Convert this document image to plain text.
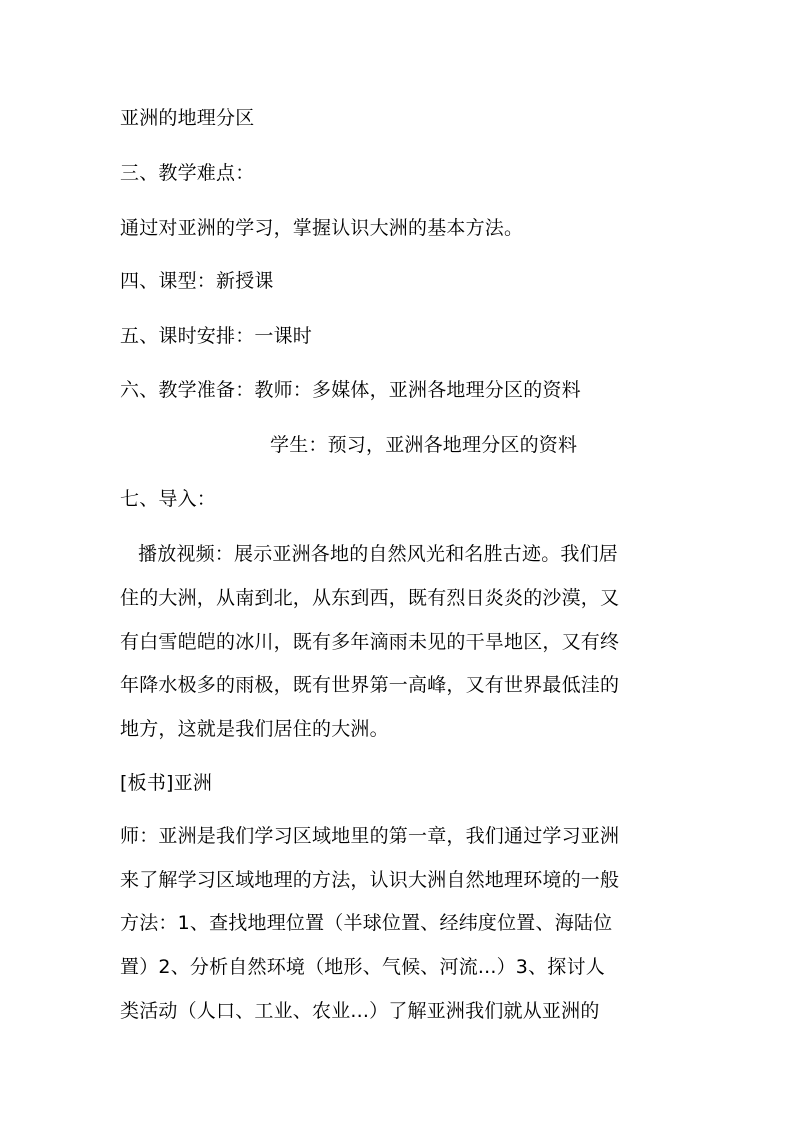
亚洲的地理分区
三、教学难点：
通过对亚洲的学习，掌握认识大洲的基本方法。
四、课型：新授课
五、课时安排：一课时
六、教学准备：教师：多媒体，亚洲各地理分区的资料
学生：预习，亚洲各地理分区的资料
七、导入：
播放视频：展示亚洲各地的自然风光和名胜古迹。我们居
住的大洲，从南到北，从东到西，既有烈日炎炎的沙漠，又
有白雪皑皑的冰川，既有多年滴雨未见的干旱地区，又有终
年降水极多的雨极，既有世界第一高峰，又有世界最低洼的
地方，这就是我们居住的大洲。
[板书]亚洲
师：亚洲是我们学习区域地里的第一章，我们通过学习亚洲
来了解学习区域地理的方法，认识大洲自然地理环境的一般
方法：1、查找地理位置（半球位置、经纬度位置、海陆位
置）2、分析自然环境（地形、气候、河流...）3、探讨人
类活动（人口、工业、农业...）了解亚洲我们就从亚洲的
